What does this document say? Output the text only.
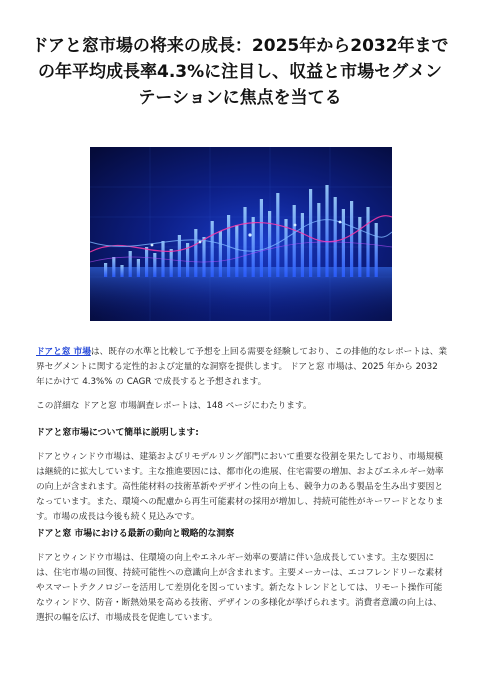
ドアと窓市場の将来の成長：2025年から2032年までの年平均成長率4.3%に注目し、収益と市場セグメンテーションに焦点を当てる

ドアと窓 市場は、既存の水準と比較して予想を上回る需要を経験しており、この排他的なレポートは、業界セグメントに関する定性的および定量的な洞察を提供します。 ドアと窓 市場は、2025 年から 2032 年にかけて 4.3%% の CAGR で成長すると予想されます。

この詳細な ドアと窓 市場調査レポートは、148 ページにわたります。

ドアと窓市場について簡単に説明します:

ドアとウィンドウ市場は、建築およびリモデルリング部門において重要な役割を果たしており、市場規模は継続的に拡大しています。主な推進要因には、都市化の進展、住宅需要の増加、およびエネルギー効率の向上が含まれます。高性能材料の技術革新やデザイン性の向上も、競争力のある製品を生み出す要因となっています。また、環境への配慮から再生可能素材の採用が増加し、持続可能性がキーワードとなります。市場の成長は今後も続く見込みです。

ドアと窓 市場における最新の動向と戦略的な洞察

ドアとウィンドウ市場は、住環境の向上やエネルギー効率の要請に伴い急成長しています。主な要因には、住宅市場の回復、持続可能性への意識向上が含まれます。主要メーカーは、エコフレンドリーな素材やスマートテクノロジーを活用して差別化を図っています。新たなトレンドとしては、リモート操作可能なウィンドウ、防音・断熱効果を高める技術、デザインの多様化が挙げられます。消費者意識の向上は、選択の幅を広げ、市場成長を促進しています。
